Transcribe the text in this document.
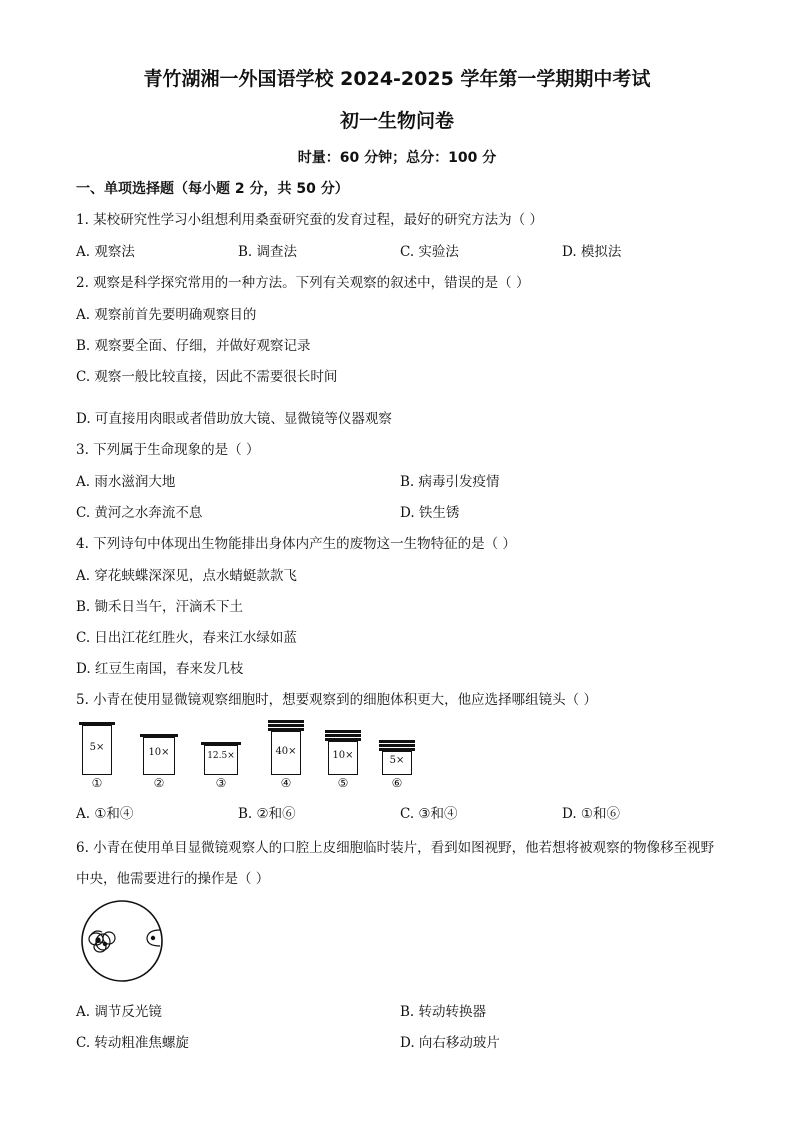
青竹湖湘一外国语学校 2024-2025 学年第一学期期中考试
初一生物问卷
时量：60 分钟；总分：100 分
一、单项选择题（每小题 2 分，共 50 分）
1. 某校研究性学习小组想利用桑蚕研究蚕的发育过程，最好的研究方法为（ ）
A. 观察法	B. 调查法	C. 实验法	D. 模拟法
2. 观察是科学探究常用的一种方法。下列有关观察的叙述中，错误的是（ ）
A. 观察前首先要明确观察目的
B. 观察要全面、仔细，并做好观察记录
C. 观察一般比较直接，因此不需要很长时间
D. 可直接用肉眼或者借助放大镜、显微镜等仪器观察
3. 下列属于生命现象的是（ ）
A. 雨水滋润大地	B. 病毒引发疫情
C. 黄河之水奔流不息	D. 铁生锈
4. 下列诗句中体现出生物能排出身体内产生的废物这一生物特征的是（ ）
A. 穿花蛱蝶深深见，点水蜻蜓款款飞
B. 锄禾日当午，汗滴禾下土
C. 日出江花红胜火，春来江水绿如蓝
D. 红豆生南国，春来发几枝
5. 小青在使用显微镜观察细胞时，想要观察到的细胞体积更大，他应选择哪组镜头（ ）
5×
①
10×
②
12.5×
③
40×
④
10×
⑤
5×
⑥
A. ①和④	B. ②和⑥	C. ③和④	D. ①和⑥
6. 小青在使用单目显微镜观察人的口腔上皮细胞临时装片，看到如图视野，他若想将被观察的物像移至视野中央，他需要进行的操作是（ ）
A. 调节反光镜	B. 转动转换器
C. 转动粗准焦螺旋	D. 向右移动玻片
